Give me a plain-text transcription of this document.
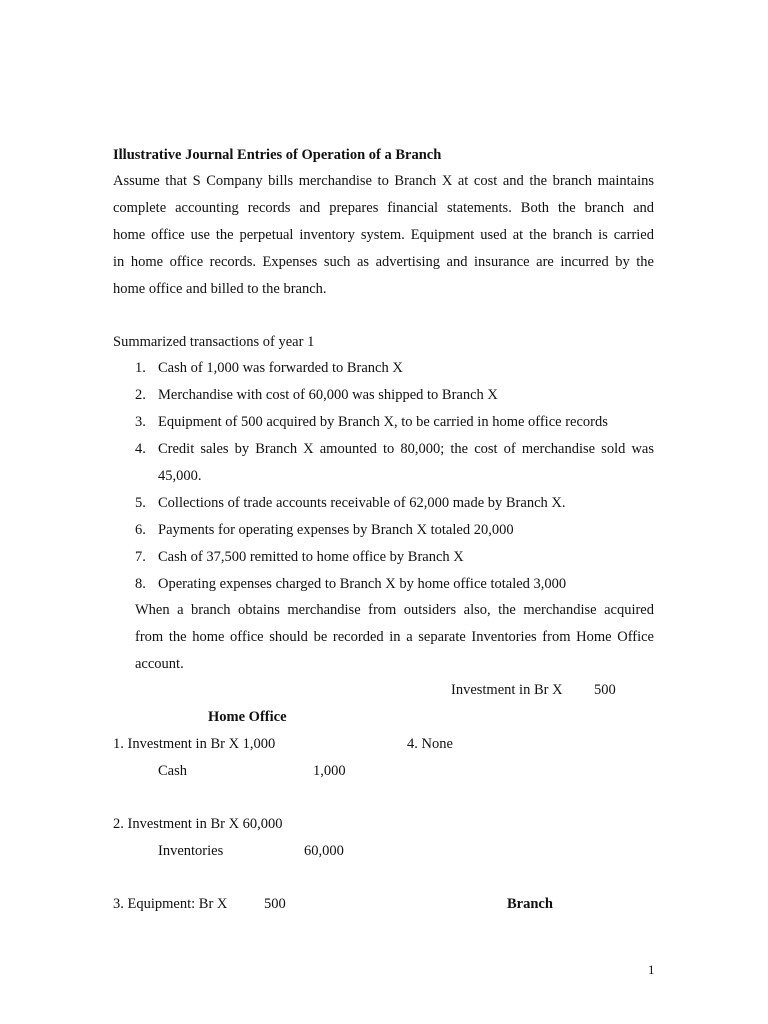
Illustrative Journal Entries of Operation of a Branch
Assume that S Company bills merchandise to Branch X at cost and the branch maintains
complete accounting records and prepares financial statements. Both the branch and
home office use the perpetual inventory system. Equipment used at the branch is carried
in home office records. Expenses such as advertising and insurance are incurred by the
home office and billed to the branch.
Summarized transactions of year 1
1. Cash of 1,000 was forwarded to Branch X
2. Merchandise with cost of 60,000 was shipped to Branch X
3. Equipment of 500 acquired by Branch X, to be carried in home office records
4. Credit sales by Branch X amounted to 80,000; the cost of merchandise sold was
45,000.
5. Collections of trade accounts receivable of 62,000 made by Branch X.
6. Payments for operating expenses by Branch X totaled 20,000
7. Cash of 37,500 remitted to home office by Branch X
8. Operating expenses charged to Branch X by home office totaled 3,000
When a branch obtains merchandise from outsiders also, the merchandise acquired
from the home office should be recorded in a separate Inventories from Home Office
account.
Investment in Br X 500
Home Office
1. Investment in Br X 1,000	4. None
Cash	1,000
2. Investment in Br X 60,000
Inventories	60,000
3. Equipment: Br X	500	Branch
1
